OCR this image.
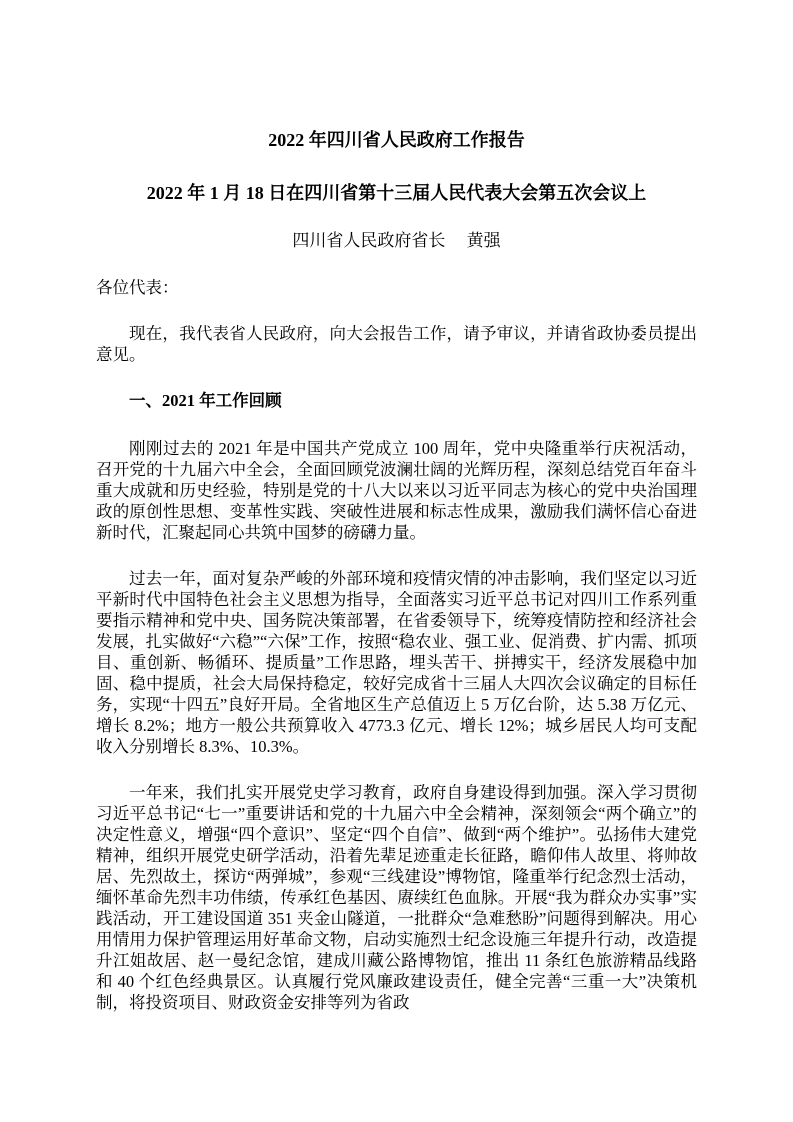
2022 年四川省人民政府工作报告
2022 年 1 月 18 日在四川省第十三届人民代表大会第五次会议上
四川省人民政府省长　 黄强

各位代表：

现在，我代表省人民政府，向大会报告工作，请予审议，并请省政协委员提出意见。

一、2021 年工作回顾

刚刚过去的 2021 年是中国共产党成立 100 周年，党中央隆重举行庆祝活动，召开党的十九届六中全会，全面回顾党波澜壮阔的光辉历程，深刻总结党百年奋斗重大成就和历史经验，特别是党的十八大以来以习近平同志为核心的党中央治国理政的原创性思想、变革性实践、突破性进展和标志性成果，激励我们满怀信心奋进新时代，汇聚起同心共筑中国梦的磅礴力量。

过去一年，面对复杂严峻的外部环境和疫情灾情的冲击影响，我们坚定以习近平新时代中国特色社会主义思想为指导，全面落实习近平总书记对四川工作系列重要指示精神和党中央、国务院决策部署，在省委领导下，统筹疫情防控和经济社会发展，扎实做好“六稳”“六保”工作，按照“稳农业、强工业、促消费、扩内需、抓项目、重创新、畅循环、提质量”工作思路，埋头苦干、拼搏实干，经济发展稳中加固、稳中提质，社会大局保持稳定，较好完成省十三届人大四次会议确定的目标任务，实现“十四五”良好开局。全省地区生产总值迈上 5 万亿台阶，达 5.38 万亿元、增长 8.2%；地方一般公共预算收入 4773.3 亿元、增长 12%；城乡居民人均可支配收入分别增长 8.3%、10.3%。

一年来，我们扎实开展党史学习教育，政府自身建设得到加强。深入学习贯彻习近平总书记“七一”重要讲话和党的十九届六中全会精神，深刻领会“两个确立”的决定性意义，增强“四个意识”、坚定“四个自信”、做到“两个维护”。弘扬伟大建党精神，组织开展党史研学活动，沿着先辈足迹重走长征路，瞻仰伟人故里、将帅故居、先烈故土，探访“两弹城”，参观“三线建设”博物馆，隆重举行纪念烈士活动，缅怀革命先烈丰功伟绩，传承红色基因、赓续红色血脉。开展“我为群众办实事”实践活动，开工建设国道 351 夹金山隧道，一批群众“急难愁盼”问题得到解决。用心用情用力保护管理运用好革命文物，启动实施烈士纪念设施三年提升行动，改造提升江姐故居、赵一曼纪念馆，建成川藏公路博物馆，推出 11 条红色旅游精品线路和 40 个红色经典景区。认真履行党风廉政建设责任，健全完善“三重一大”决策机制，将投资项目、财政资金安排等列为省政
